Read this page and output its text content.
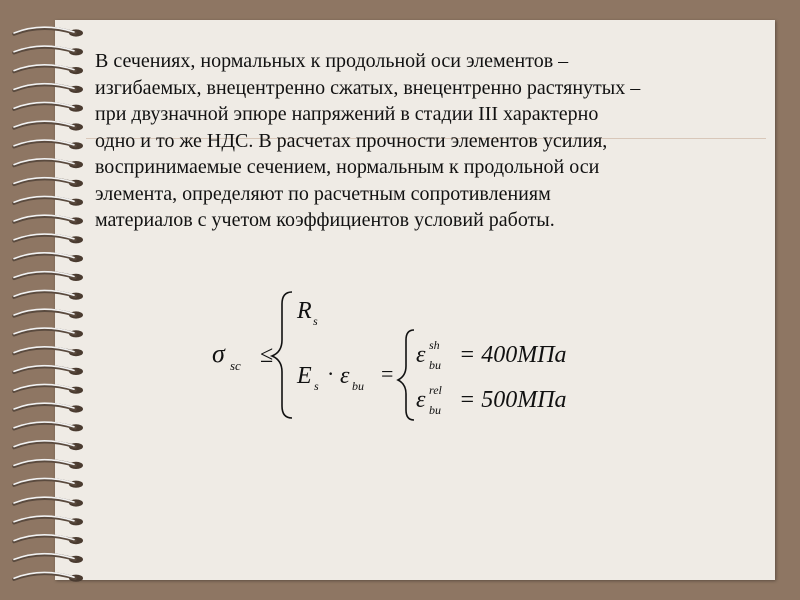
В сечениях, нормальных к продольной оси элементов –
изгибаемых, внецентренно сжатых, внецентренно растянутых –
при двузначной эпюре напряжений в стадии III характерно
одно и то же НДС. В расчетах прочности элементов усилия,
воспринимаемые сечением, нормальным к продольной оси
элемента, определяют по расчетным сопротивлениям
материалов с учетом коэффициентов условий работы.
σ sc ≤
R s
E s · ε bu =
ε sh
bu = 400МПа
ε rel
bu = 500МПа
